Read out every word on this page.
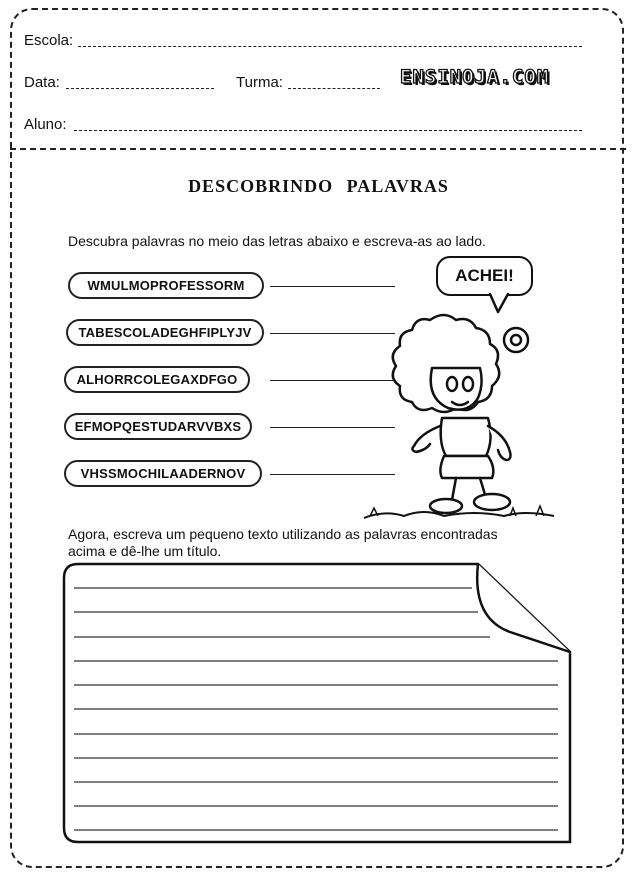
Escola:
Data:	Turma:	ENSINOJA.COM
Aluno:
DESCOBRINDO PALAVRAS
Descubra palavras no meio das letras abaixo e escreva-as ao lado.
WMULMOPROFESSORM
TABESCOLADEGHFIPLYJV
ALHORRCOLEGAXDFGO
EFMOPQESTUDARVVBXS
VHSSMOCHILAADERNOV
ACHEI!
Agora, escreva um pequeno texto utilizando as palavras encontradas
acima e dê-lhe um título.
